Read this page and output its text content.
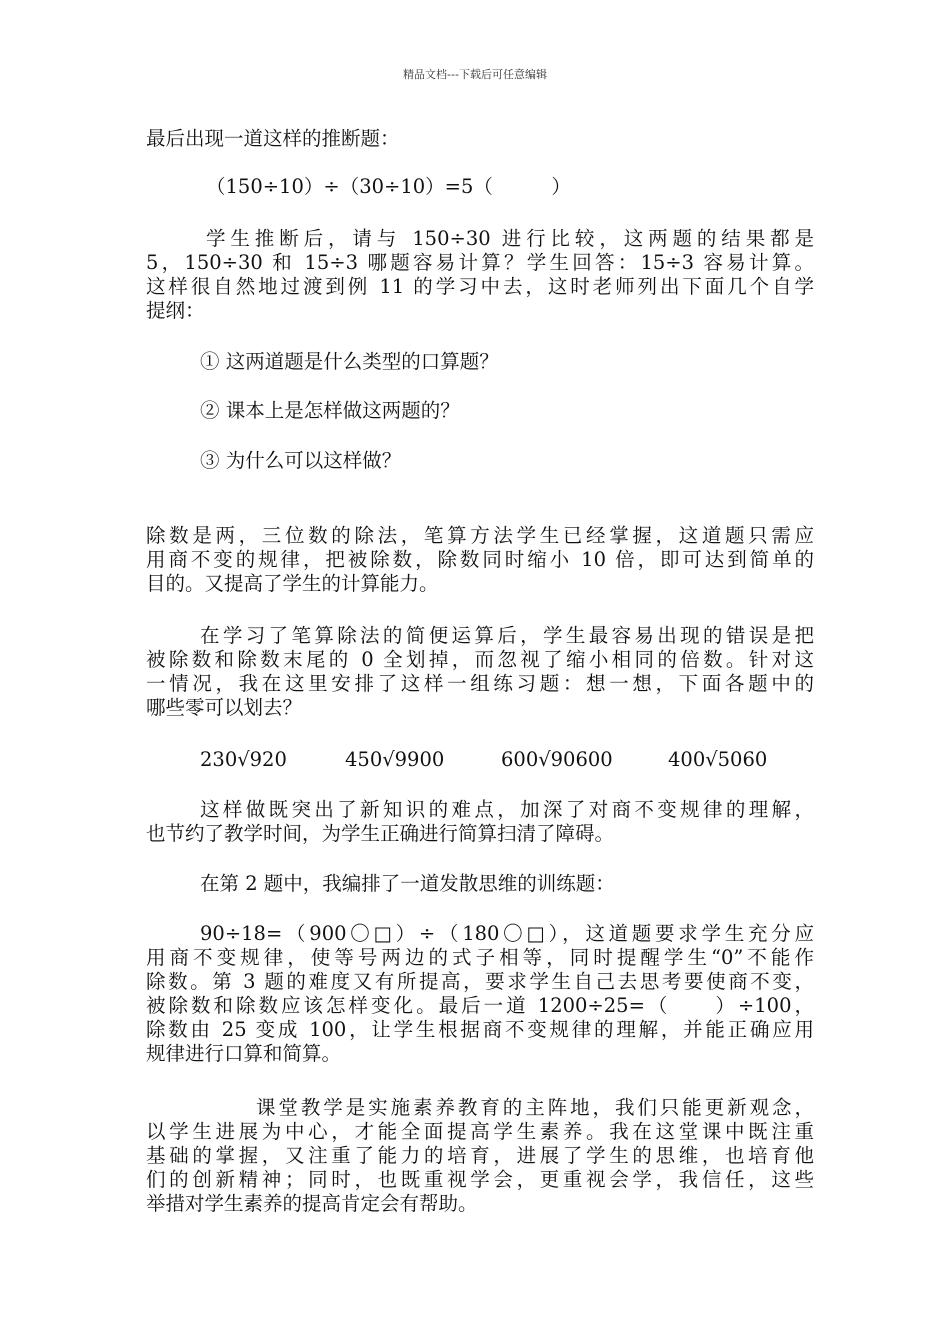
精品文档---下载后可任意编辑
最后出现一道这样的推断题：
（150÷10）÷（30÷10）=5（　　　）
学生推断后，请与 150÷30 进行比较，这两题的结果都是
5，150÷30 和 15÷3 哪题容易计算？学生回答：15÷3 容易计算。
这样很自然地过渡到例 11 的学习中去，这时老师列出下面几个自学
提纲：
① 这两道题是什么类型的口算题？
② 课本上是怎样做这两题的？
③ 为什么可以这样做？
除数是两，三位数的除法，笔算方法学生已经掌握，这道题只需应
用商不变的规律，把被除数，除数同时缩小 10 倍，即可达到简单的
目的。又提高了学生的计算能力。
在学习了笔算除法的简便运算后，学生最容易出现的错误是把
被除数和除数末尾的 0 全划掉，而忽视了缩小相同的倍数。针对这
一情况，我在这里安排了这样一组练习题：想一想，下面各题中的
哪些零可以划去？
230√920	450√9900	600√90600	400√5060
这样做既突出了新知识的难点，加深了对商不变规律的理解，
也节约了教学时间，为学生正确进行简算扫清了障碍。
在第 2 题中，我编排了一道发散思维的训练题：
90÷18=（900〇□）÷（180〇□），这道题要求学生充分应
用商不变规律，使等号两边的式子相等，同时提醒学生“0”不能作
除数。第 3 题的难度又有所提高，要求学生自己去思考要使商不变，
被除数和除数应该怎样变化。最后一道 1200÷25=（　　）÷100，
除数由 25 变成 100，让学生根据商不变规律的理解，并能正确应用
规律进行口算和简算。
课堂教学是实施素养教育的主阵地，我们只能更新观念，
以学生进展为中心，才能全面提高学生素养。我在这堂课中既注重
基础的掌握，又注重了能力的培育，进展了学生的思维，也培育他
们的创新精神；同时，也既重视学会，更重视会学，我信任，这些
举措对学生素养的提高肯定会有帮助。
